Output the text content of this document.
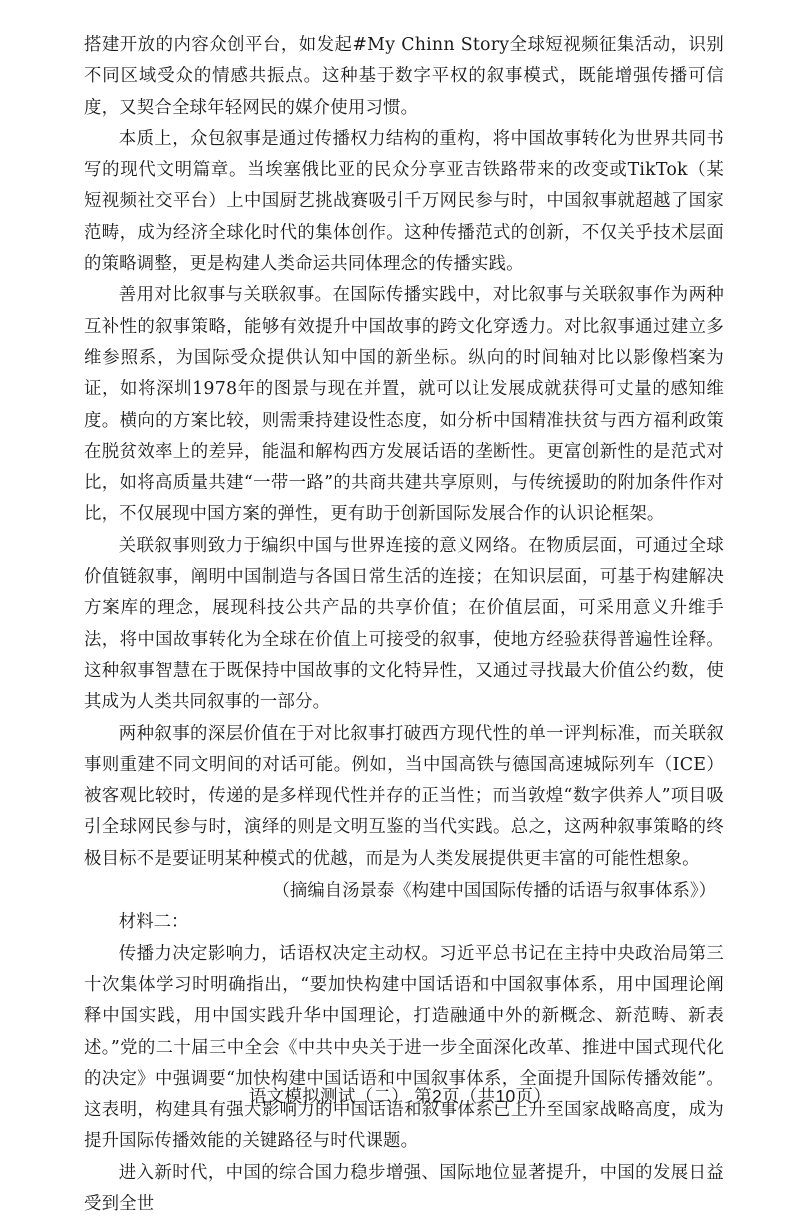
搭建开放的内容众创平台，如发起#My Chinn Story全球短视频征集活动，识别不同区域受众的情感共振点。这种基于数字平权的叙事模式，既能增强传播可信度，又契合全球年轻网民的媒介使用习惯。

本质上，众包叙事是通过传播权力结构的重构，将中国故事转化为世界共同书写的现代文明篇章。当埃塞俄比亚的民众分享亚吉铁路带来的改变或TikTok（某短视频社交平台）上中国厨艺挑战赛吸引千万网民参与时，中国叙事就超越了国家范畴，成为经济全球化时代的集体创作。这种传播范式的创新，不仅关乎技术层面的策略调整，更是构建人类命运共同体理念的传播实践。

善用对比叙事与关联叙事。在国际传播实践中，对比叙事与关联叙事作为两种互补性的叙事策略，能够有效提升中国故事的跨文化穿透力。对比叙事通过建立多维参照系，为国际受众提供认知中国的新坐标。纵向的时间轴对比以影像档案为证，如将深圳1978年的图景与现在并置，就可以让发展成就获得可丈量的感知维度。横向的方案比较，则需秉持建设性态度，如分析中国精准扶贫与西方福利政策在脱贫效率上的差异，能温和解构西方发展话语的垄断性。更富创新性的是范式对比，如将高质量共建“一带一路”的共商共建共享原则，与传统援助的附加条件作对比，不仅展现中国方案的弹性，更有助于创新国际发展合作的认识论框架。

关联叙事则致力于编织中国与世界连接的意义网络。在物质层面，可通过全球价值链叙事，阐明中国制造与各国日常生活的连接；在知识层面，可基于构建解决方案库的理念，展现科技公共产品的共享价值；在价值层面，可采用意义升维手法，将中国故事转化为全球在价值上可接受的叙事，使地方经验获得普遍性诠释。这种叙事智慧在于既保持中国故事的文化特异性，又通过寻找最大价值公约数，使其成为人类共同叙事的一部分。

两种叙事的深层价值在于对比叙事打破西方现代性的单一评判标准，而关联叙事则重建不同文明间的对话可能。例如，当中国高铁与德国高速城际列车（ICE）被客观比较时，传递的是多样现代性并存的正当性；而当敦煌“数字供养人”项目吸引全球网民参与时，演绎的则是文明互鉴的当代实践。总之，这两种叙事策略的终极目标不是要证明某种模式的优越，而是为人类发展提供更丰富的可能性想象。

（摘编自汤景泰《构建中国国际传播的话语与叙事体系》）

材料二：

传播力决定影响力，话语权决定主动权。习近平总书记在主持中央政治局第三十次集体学习时明确指出，“要加快构建中国话语和中国叙事体系，用中国理论阐释中国实践，用中国实践升华中国理论，打造融通中外的新概念、新范畴、新表述。”党的二十届三中全会《中共中央关于进一步全面深化改革、推进中国式现代化的决定》中强调要“加快构建中国话语和中国叙事体系，全面提升国际传播效能”。这表明，构建具有强大影响力的中国话语和叙事体系已上升至国家战略高度，成为提升国际传播效能的关键路径与时代课题。

进入新时代，中国的综合国力稳步增强、国际地位显著提升，中国的发展日益受到全世

语文模拟测试（二） 第2页（共10页）
